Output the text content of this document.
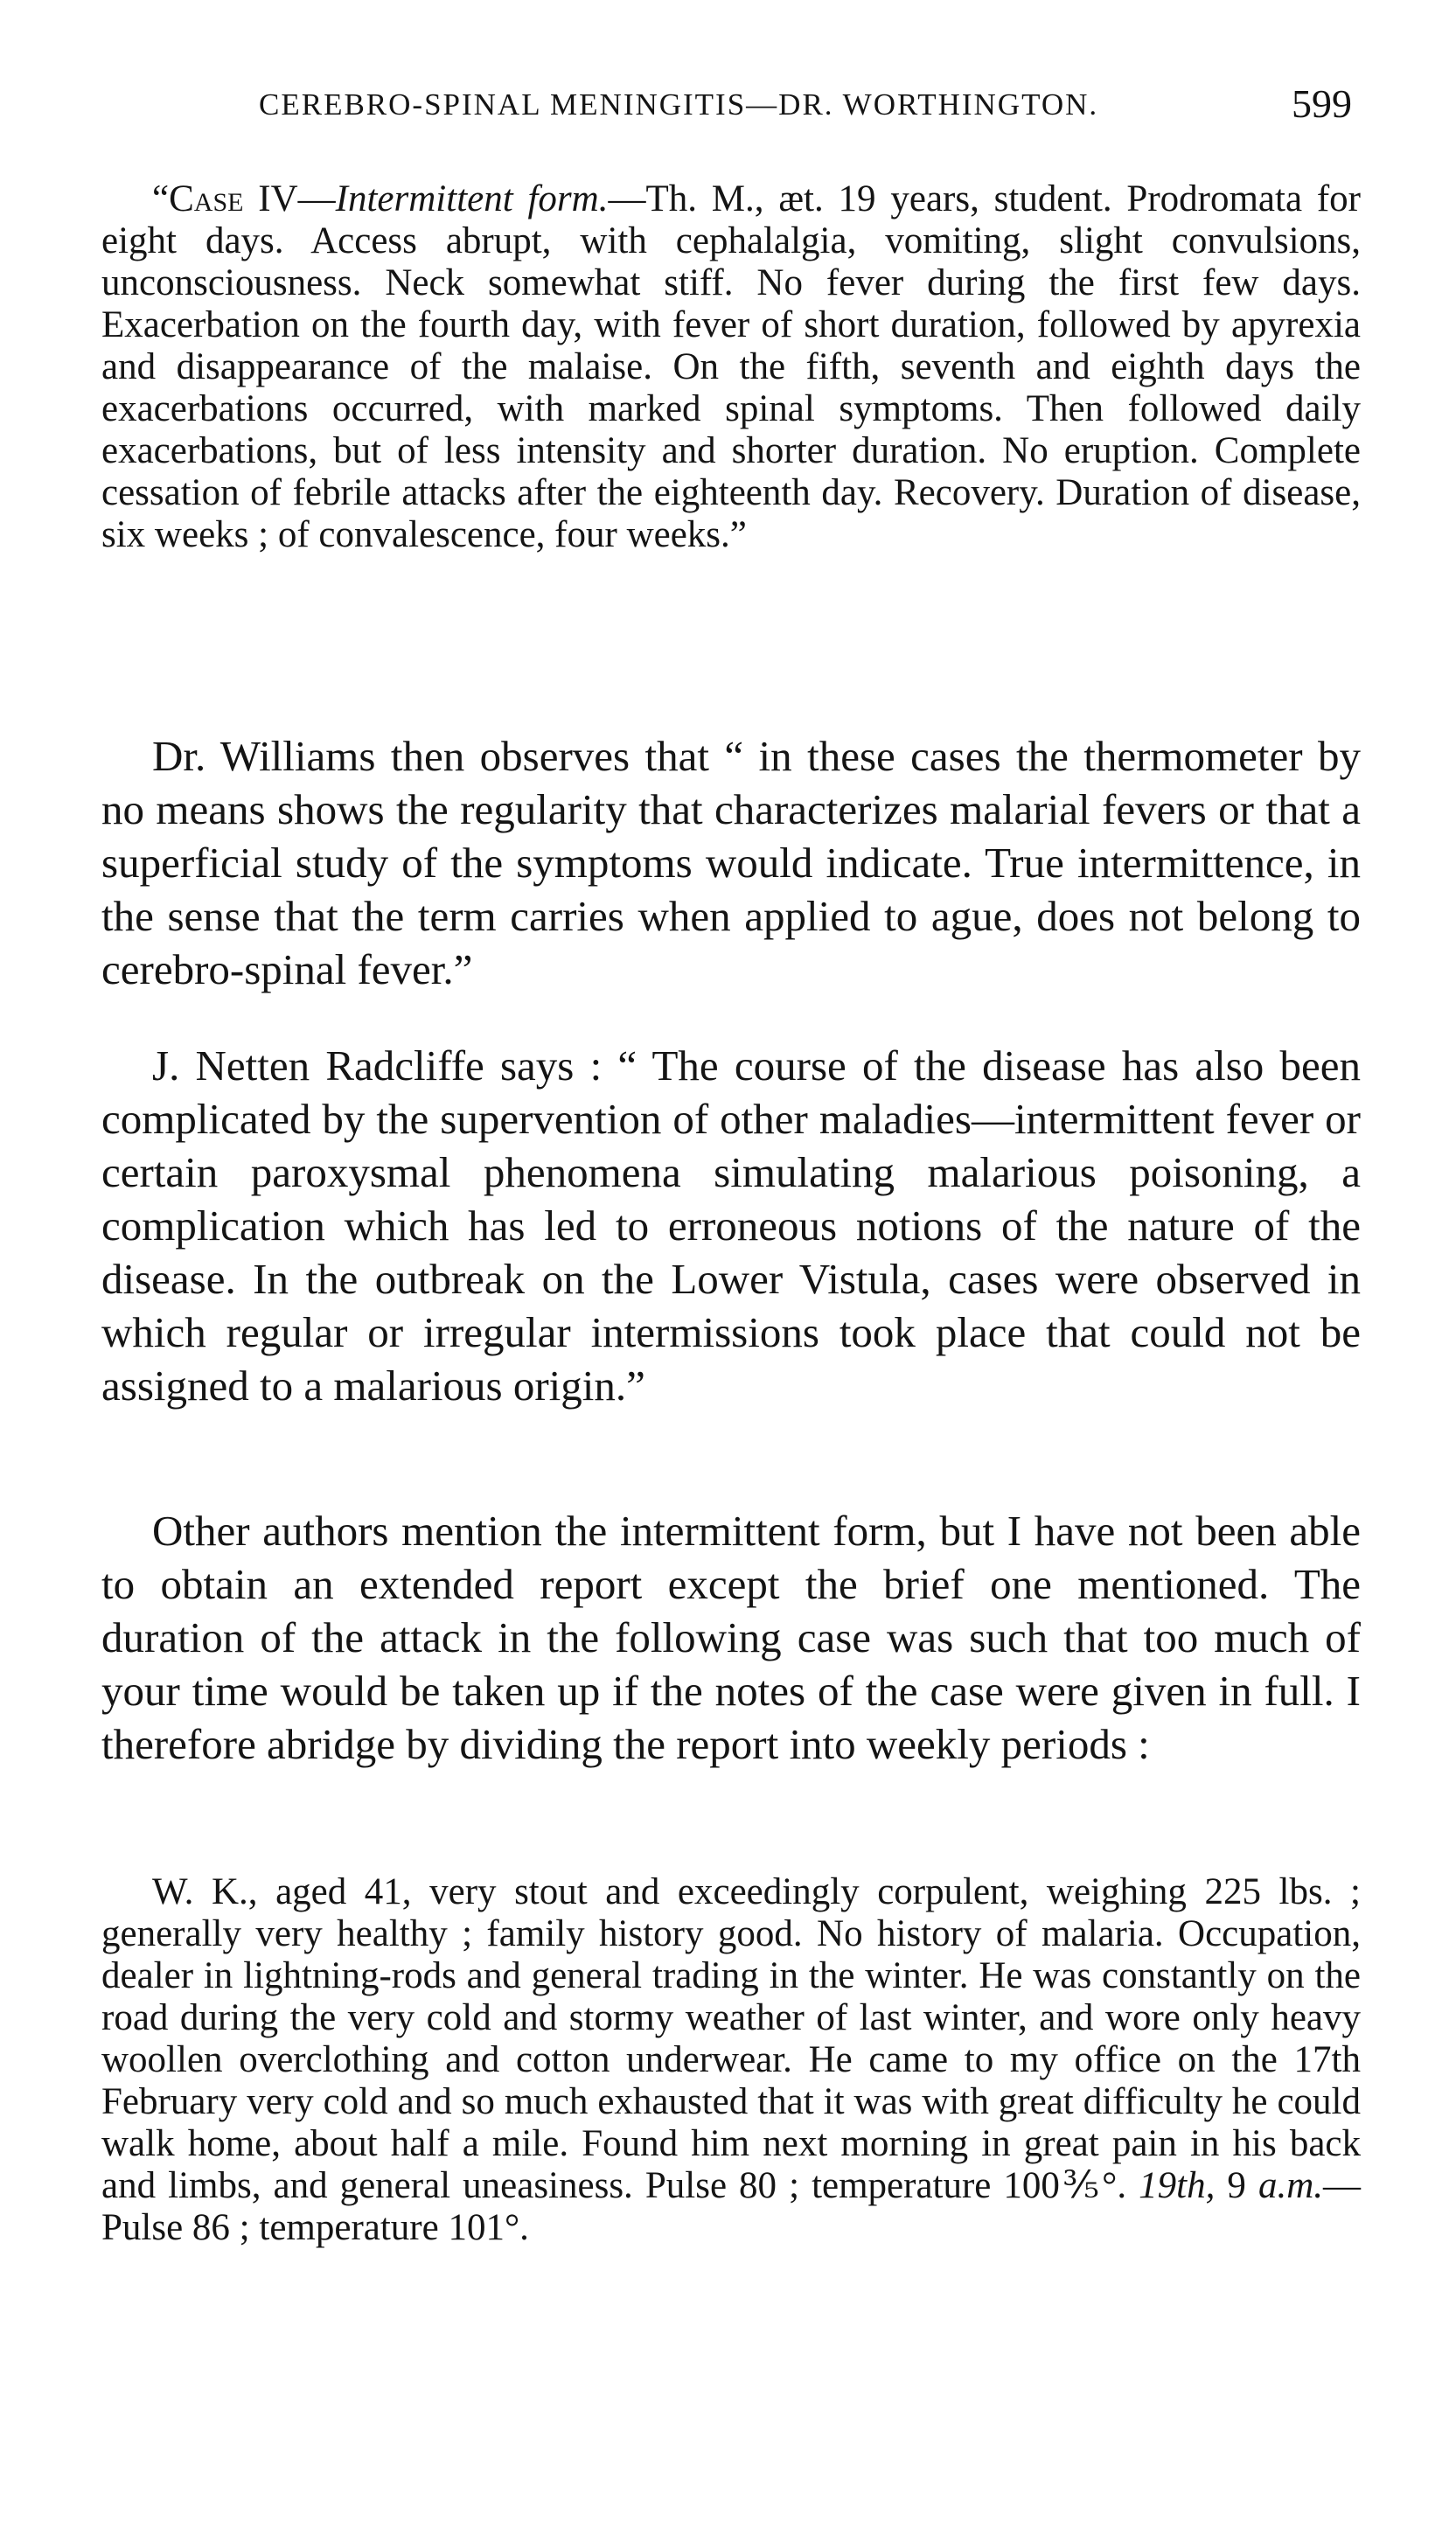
CEREBRO-SPINAL MENINGITIS—DR. WORTHINGTON.	599

“Case IV—Intermittent form.—Th. M., æt. 19 years, student. Prodromata for eight days. Access abrupt, with cephalalgia, vomiting, slight convulsions, unconsciousness. Neck somewhat stiff. No fever during the first few days. Exacerbation on the fourth day, with fever of short duration, followed by apyrexia and disappearance of the malaise. On the fifth, seventh and eighth days the exacerbations occurred, with marked spinal symptoms. Then followed daily exacerbations, but of less intensity and shorter duration. No eruption. Complete cessation of febrile attacks after the eighteenth day. Recovery. Duration of disease, six weeks ; of convalescence, four weeks.”

Dr. Williams then observes that “ in these cases the thermometer by no means shows the regularity that characterizes malarial fevers or that a superficial study of the symptoms would indicate. True intermittence, in the sense that the term carries when applied to ague, does not belong to cerebro-spinal fever.”

J. Netten Radcliffe says : “ The course of the disease has also been complicated by the supervention of other maladies—intermittent fever or certain paroxysmal phenomena simulating malarious poisoning, a complication which has led to erroneous notions of the nature of the disease. In the outbreak on the Lower Vistula, cases were observed in which regular or irregular intermissions took place that could not be assigned to a malarious origin.”

Other authors mention the intermittent form, but I have not been able to obtain an extended report except the brief one mentioned. The duration of the attack in the following case was such that too much of your time would be taken up if the notes of the case were given in full. I therefore abridge by dividing the report into weekly periods :

W. K., aged 41, very stout and exceedingly corpulent, weighing 225 lbs. ; generally very healthy ; family history good. No history of malaria. Occupation, dealer in lightning-rods and general trading in the winter. He was constantly on the road during the very cold and stormy weather of last winter, and wore only heavy woollen overclothing and cotton underwear. He came to my office on the 17th February very cold and so much exhausted that it was with great difficulty he could walk home, about half a mile. Found him next morning in great pain in his back and limbs, and general uneasiness. Pulse 80 ; temperature 100⅗°. 19th, 9 a.m.—Pulse 86 ; temperature 101°.
